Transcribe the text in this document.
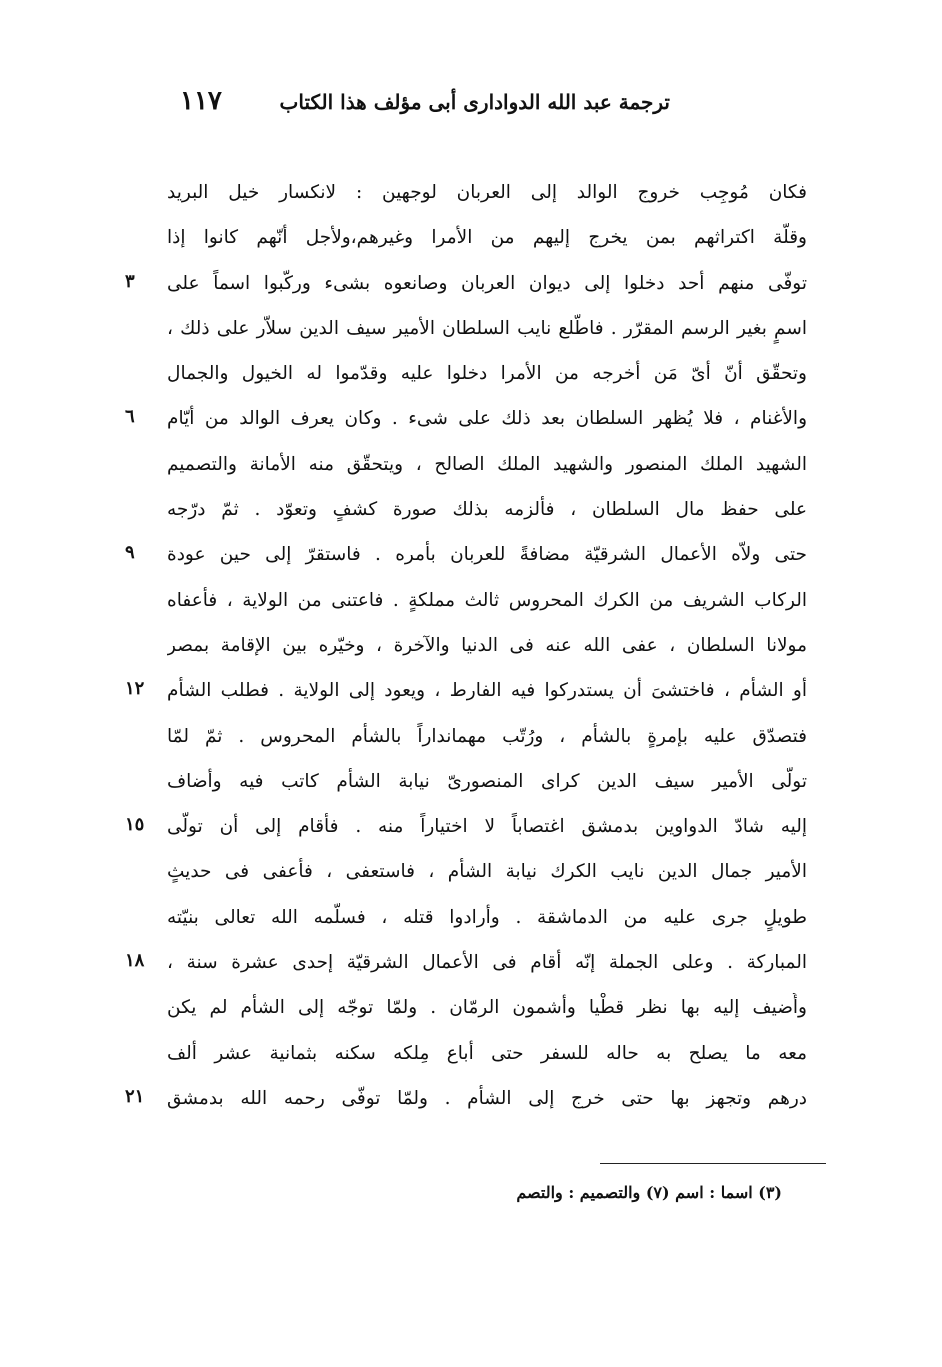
١١٧	ترجمة عبد الله الدوادارى أبى مؤلف هذا الكتاب
فكان مُوجِب خروج الوالد إلى العربان لوجهين : لانكسار خيل البريد
وقلّة اكتراثهم بمن يخرج إليهم من الأمرا وغيرهم،ولأجل أنّهم كانوا إذا
٣	توفّى منهم أحد دخلوا إلى ديوان العربان وصانعوه بشىء وركّبوا اسماً على
اسمٍ بغير الرسم المقرّر . فاطّلع نايب السلطان الأمير سيف الدين سلاّر على ذلك ،
وتحقّق أنّ أىّ مَن أخرجه من الأمرا دخلوا عليه وقدّموا له الخيول والجمال
٦	والأغنام ، فلا يُظهر السلطان بعد ذلك على شىء . وكان يعرف الوالد من أيّام
الشهيد الملك المنصور والشهيد الملك الصالح ، ويتحقّق منه الأمانة والتصميم
على حفظ مال السلطان ، فألزمه بذلك صورة كشفٍ وتعوّد . ثمّ درّجه
٩	حتى ولاّه الأعمال الشرقيّة مضافةً للعربان بأمره . فاستقرّ إلى حين عودة
الركاب الشريف من الكرك المحروس ثالث مملكةٍ . فاعتنى من الولاية ، فأعفاه
مولانا السلطان ، عفى الله عنه فى الدنيا والآخرة ، وخيّره بين الإقامة بمصر
١٢	أو الشأم ، فاختشىَ أن يستدركوا فيه الفارط ، ويعود إلى الولاية . فطلب الشأم
فتصدّق عليه بإمرةٍ بالشأم ، ورُتّب مهمانداراً بالشأم المحروس . ثمّ لمّا
تولّى الأمير سيف الدين كراى المنصورىّ نيابة الشأم كاتب فيه وأضاف
١٥	إليه شادّ الدواوين بدمشق اغتصاباً لا اختياراً منه . فأقام إلى أن تولّى
الأمير جمال الدين نايب الكرك نيابة الشأم ، فاستعفى ، فأُعفى فى حديثٍ
طويلٍ جرى عليه من الدماشقة . وأرادوا قتله ، فسلّمه الله تعالى بنيّته
١٨	المباركة . وعلى الجملة إنّه أقام فى الأعمال الشرقيّة إحدى عشرة سنة ،
وأُضيف إليه بها نظر قطْيا وأشمون الرمّان . ولمّا توجّه إلى الشأم لم يكن
معه ما يصلح به حاله للسفر حتى أباع مِلكه سكنه بثمانية عشر ألف
٢١	درهم وتجهز بها حتى خرج إلى الشأم . ولمّا توفّى رحمه الله بدمشق
(٣) اسما : اسم (٧) والتصميم : والتصم
